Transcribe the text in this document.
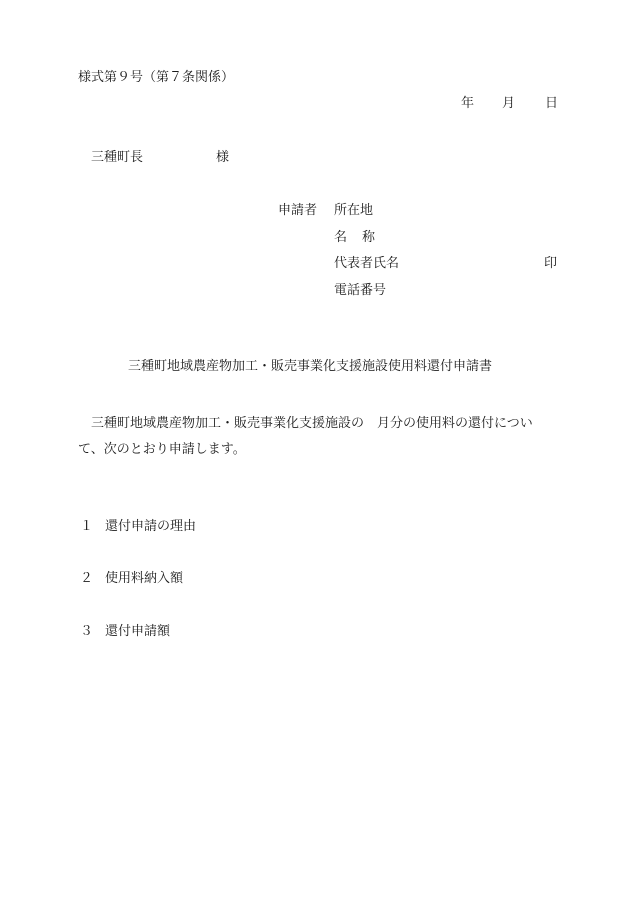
様式第９号（第７条関係）
年 月 日
三種町長	様
申請者 所在地
名称
代表者氏名
電話番号
印
三種町地域農産物加工・販売事業化支援施設使用料還付申請書
　三種町地域農産物加工・販売事業化支援施設の　月分の使用料の還付につい
て、次のとおり申請します。
１ 還付申請の理由
２ 使用料納入額
３ 還付申請額
